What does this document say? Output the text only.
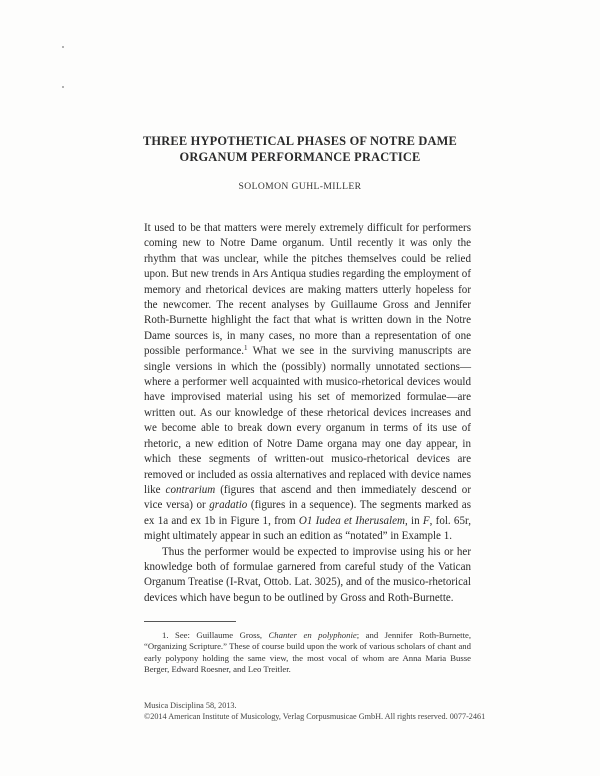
THREE HYPOTHETICAL PHASES OF NOTRE DAME
ORGANUM PERFORMANCE PRACTICE
SOLOMON GUHL-MILLER

It used to be that matters were merely extremely difficult for performers coming new to Notre Dame organum. Until recently it was only the rhythm that was unclear, while the pitches themselves could be relied upon. But new trends in Ars Antiqua studies regarding the employment of memory and rhetorical devices are making matters utterly hopeless for the newcomer. The recent analyses by Guillaume Gross and Jennifer Roth-Burnette highlight the fact that what is written down in the Notre Dame sources is, in many cases, no more than a representation of one possible performance.$^1$ What we see in the surviving manuscripts are single versions in which the (possibly) normally unnotated sections—where a performer well acquainted with musico-rhetorical devices would have improvised material using his set of memorized formulae—are written out. As our knowledge of these rhetorical devices increases and we become able to break down every organum in terms of its use of rhetoric, a new edition of Notre Dame organa may one day appear, in which these segments of written-out musico-rhetorical devices are removed or included as ossia alternatives and replaced with device names like contrarium (figures that ascend and then immediately descend or vice versa) or gradatio (figures in a sequence). The segments marked as ex 1a and ex 1b in Figure 1, from O1 Iudea et Iherusalem, in F, fol. 65r, might ultimately appear in such an edition as “notated” in Example 1.

Thus the performer would be expected to improvise using his or her knowledge both of formulae garnered from careful study of the Vatican Organum Treatise (I-Rvat, Ottob. Lat. 3025), and of the musico-rhetorical devices which have begun to be outlined by Gross and Roth-Burnette.

1. See: Guillaume Gross, Chanter en polyphonie; and Jennifer Roth-Burnette, “Organizing Scripture.” These of course build upon the work of various scholars of chant and early polypony holding the same view, the most vocal of whom are Anna Maria Busse Berger, Edward Roesner, and Leo Treitler.
Musica Disciplina 58, 2013.
©2014 American Institute of Musicology, Verlag Corpusmusicae GmbH. All rights reserved. 0077-2461
